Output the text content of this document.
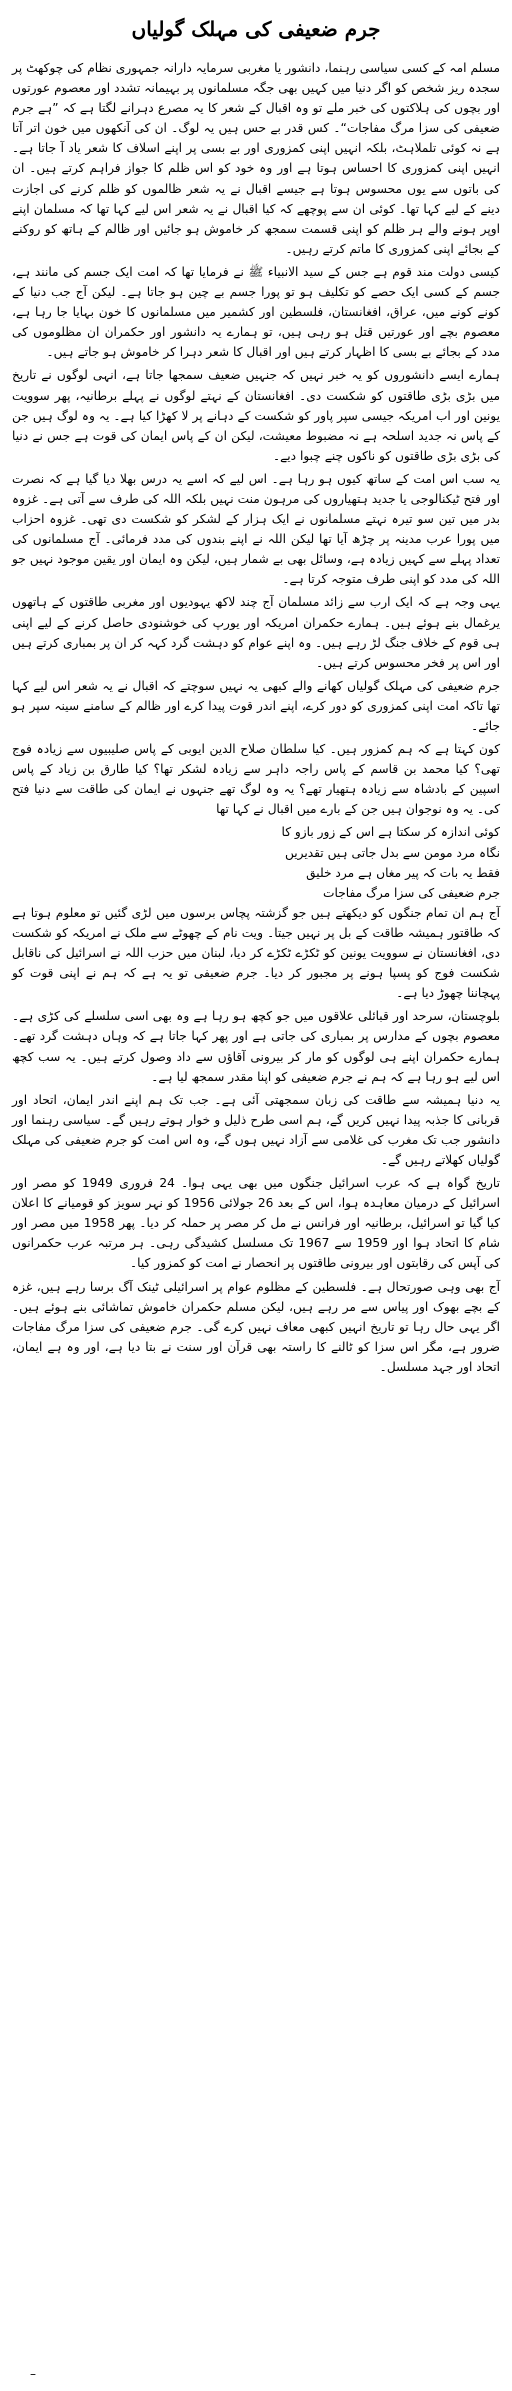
جرم ضعیفی کی مہلک گولیاں

مسلم امہ کے کسی سیاسی رہنما، دانشور یا مغربی سرمایہ دارانہ جمہوری نظام کی چوکھٹ پر سجدہ ریز شخص کو اگر دنیا میں کہیں بھی جگہ مسلمانوں پر بہیمانہ تشدد اور معصوم عورتوں اور بچوں کی ہلاکتوں کی خبر ملے تو وہ اقبال کے شعر کا یہ مصرع دہرانے لگتا ہے کہ ”ہے جرم ضعیفی کی سزا مرگ مفاجات“۔ کس قدر بے حس ہیں یہ لوگ۔ ان کی آنکھوں میں خون اتر آتا ہے نہ کوئی تلملاہٹ، بلکہ انہیں اپنی کمزوری اور بے بسی پر اپنے اسلاف کا شعر یاد آ جاتا ہے۔ انہیں اپنی کمزوری کا احساس ہوتا ہے اور وہ خود کو اس ظلم کا جواز فراہم کرتے ہیں۔ ان کی باتوں سے یوں محسوس ہوتا ہے جیسے اقبال نے یہ شعر ظالموں کو ظلم کرنے کی اجازت دینے کے لیے کہا تھا۔ کوئی ان سے پوچھے کہ کیا اقبال نے یہ شعر اس لیے کہا تھا کہ مسلمان اپنے اوپر ہونے والے ہر ظلم کو اپنی قسمت سمجھ کر خاموش ہو جائیں اور ظالم کے ہاتھ کو روکنے کے بجائے اپنی کمزوری کا ماتم کرتے رہیں۔

کیسی دولت مند قوم ہے جس کے سید الانبیاء ﷺ نے فرمایا تھا کہ امت ایک جسم کی مانند ہے، جسم کے کسی ایک حصے کو تکلیف ہو تو پورا جسم بے چین ہو جاتا ہے۔ لیکن آج جب دنیا کے کونے کونے میں، عراق، افغانستان، فلسطین اور کشمیر میں مسلمانوں کا خون بہایا جا رہا ہے، معصوم بچے اور عورتیں قتل ہو رہی ہیں، تو ہمارے یہ دانشور اور حکمران ان مظلوموں کی مدد کے بجائے بے بسی کا اظہار کرتے ہیں اور اقبال کا شعر دہرا کر خاموش ہو جاتے ہیں۔

ہمارے ایسے دانشوروں کو یہ خبر نہیں کہ جنہیں ضعیف سمجھا جاتا ہے، انہی لوگوں نے تاریخ میں بڑی بڑی طاقتوں کو شکست دی۔ افغانستان کے نہتے لوگوں نے پہلے برطانیہ، پھر سوویت یونین اور اب امریکہ جیسی سپر پاور کو شکست کے دہانے پر لا کھڑا کیا ہے۔ یہ وہ لوگ ہیں جن کے پاس نہ جدید اسلحہ ہے نہ مضبوط معیشت، لیکن ان کے پاس ایمان کی قوت ہے جس نے دنیا کی بڑی بڑی طاقتوں کو ناکوں چنے چبوا دیے۔

یہ سب اس امت کے ساتھ کیوں ہو رہا ہے۔ اس لیے کہ اسے یہ درس بھلا دیا گیا ہے کہ نصرت اور فتح ٹیکنالوجی یا جدید ہتھیاروں کی مرہون منت نہیں بلکہ اللہ کی طرف سے آتی ہے۔ غزوہ بدر میں تین سو تیرہ نہتے مسلمانوں نے ایک ہزار کے لشکر کو شکست دی تھی۔ غزوہ احزاب میں پورا عرب مدینہ پر چڑھ آیا تھا لیکن اللہ نے اپنے بندوں کی مدد فرمائی۔ آج مسلمانوں کی تعداد پہلے سے کہیں زیادہ ہے، وسائل بھی بے شمار ہیں، لیکن وہ ایمان اور یقین موجود نہیں جو اللہ کی مدد کو اپنی طرف متوجہ کرتا ہے۔

یہی وجہ ہے کہ ایک ارب سے زائد مسلمان آج چند لاکھ یہودیوں اور مغربی طاقتوں کے ہاتھوں یرغمال بنے ہوئے ہیں۔ ہمارے حکمران امریکہ اور یورپ کی خوشنودی حاصل کرنے کے لیے اپنی ہی قوم کے خلاف جنگ لڑ رہے ہیں۔ وہ اپنے عوام کو دہشت گرد کہہ کر ان پر بمباری کرتے ہیں اور اس پر فخر محسوس کرتے ہیں۔

جرم ضعیفی کی مہلک گولیاں کھانے والے کبھی یہ نہیں سوچتے کہ اقبال نے یہ شعر اس لیے کہا تھا تاکہ امت اپنی کمزوری کو دور کرے، اپنے اندر قوت پیدا کرے اور ظالم کے سامنے سینہ سپر ہو جائے۔

کون کہتا ہے کہ ہم کمزور ہیں۔ کیا سلطان صلاح الدین ایوبی کے پاس صلیبیوں سے زیادہ فوج تھی؟ کیا محمد بن قاسم کے پاس راجہ داہر سے زیادہ لشکر تھا؟ کیا طارق بن زیاد کے پاس اسپین کے بادشاہ سے زیادہ ہتھیار تھے؟ یہ وہ لوگ تھے جنہوں نے ایمان کی طاقت سے دنیا فتح کی۔ یہ وہ نوجوان ہیں جن کے بارے میں اقبال نے کہا تھا

کوئی اندازہ کر سکتا ہے اس کے زور بازو کا

نگاہ مرد مومن سے بدل جاتی ہیں تقدیریں

فقط یہ بات کہ پیر مغاں ہے مرد خلیق

جرم ضعیفی کی سزا مرگ مفاجات

آج ہم ان تمام جنگوں کو دیکھتے ہیں جو گزشتہ پچاس برسوں میں لڑی گئیں تو معلوم ہوتا ہے کہ طاقتور ہمیشہ طاقت کے بل پر نہیں جیتا۔ ویت نام کے چھوٹے سے ملک نے امریکہ کو شکست دی، افغانستان نے سوویت یونین کو ٹکڑے ٹکڑے کر دیا، لبنان میں حزب اللہ نے اسرائیل کی ناقابل شکست فوج کو پسپا ہونے پر مجبور کر دیا۔ جرم ضعیفی تو یہ ہے کہ ہم نے اپنی قوت کو پہچاننا چھوڑ دیا ہے۔

بلوچستان، سرحد اور قبائلی علاقوں میں جو کچھ ہو رہا ہے وہ بھی اسی سلسلے کی کڑی ہے۔ معصوم بچوں کے مدارس پر بمباری کی جاتی ہے اور پھر کہا جاتا ہے کہ وہاں دہشت گرد تھے۔ ہمارے حکمران اپنے ہی لوگوں کو مار کر بیرونی آقاؤں سے داد وصول کرتے ہیں۔ یہ سب کچھ اس لیے ہو رہا ہے کہ ہم نے جرم ضعیفی کو اپنا مقدر سمجھ لیا ہے۔

یہ دنیا ہمیشہ سے طاقت کی زبان سمجھتی آئی ہے۔ جب تک ہم اپنے اندر ایمان، اتحاد اور قربانی کا جذبہ پیدا نہیں کریں گے، ہم اسی طرح ذلیل و خوار ہوتے رہیں گے۔ سیاسی رہنما اور دانشور جب تک مغرب کی غلامی سے آزاد نہیں ہوں گے، وہ اس امت کو جرم ضعیفی کی مہلک گولیاں کھلاتے رہیں گے۔

تاریخ گواہ ہے کہ عرب اسرائیل جنگوں میں بھی یہی ہوا۔ 24 فروری 1949 کو مصر اور اسرائیل کے درمیان معاہدہ ہوا، اس کے بعد 26 جولائی 1956 کو نہر سویز کو قومیانے کا اعلان کیا گیا تو اسرائیل، برطانیہ اور فرانس نے مل کر مصر پر حملہ کر دیا۔ پھر 1958 میں مصر اور شام کا اتحاد ہوا اور 1959 سے 1967 تک مسلسل کشیدگی رہی۔ ہر مرتبہ عرب حکمرانوں کی آپس کی رقابتوں اور بیرونی طاقتوں پر انحصار نے امت کو کمزور کیا۔

آج بھی وہی صورتحال ہے۔ فلسطین کے مظلوم عوام پر اسرائیلی ٹینک آگ برسا رہے ہیں، غزہ کے بچے بھوک اور پیاس سے مر رہے ہیں، لیکن مسلم حکمران خاموش تماشائی بنے ہوئے ہیں۔ اگر یہی حال رہا تو تاریخ انہیں کبھی معاف نہیں کرے گی۔ جرم ضعیفی کی سزا مرگ مفاجات ضرور ہے، مگر اس سزا کو ٹالنے کا راستہ بھی قرآن اور سنت نے بتا دیا ہے، اور وہ ہے ایمان، اتحاد اور جہد مسلسل۔

–
